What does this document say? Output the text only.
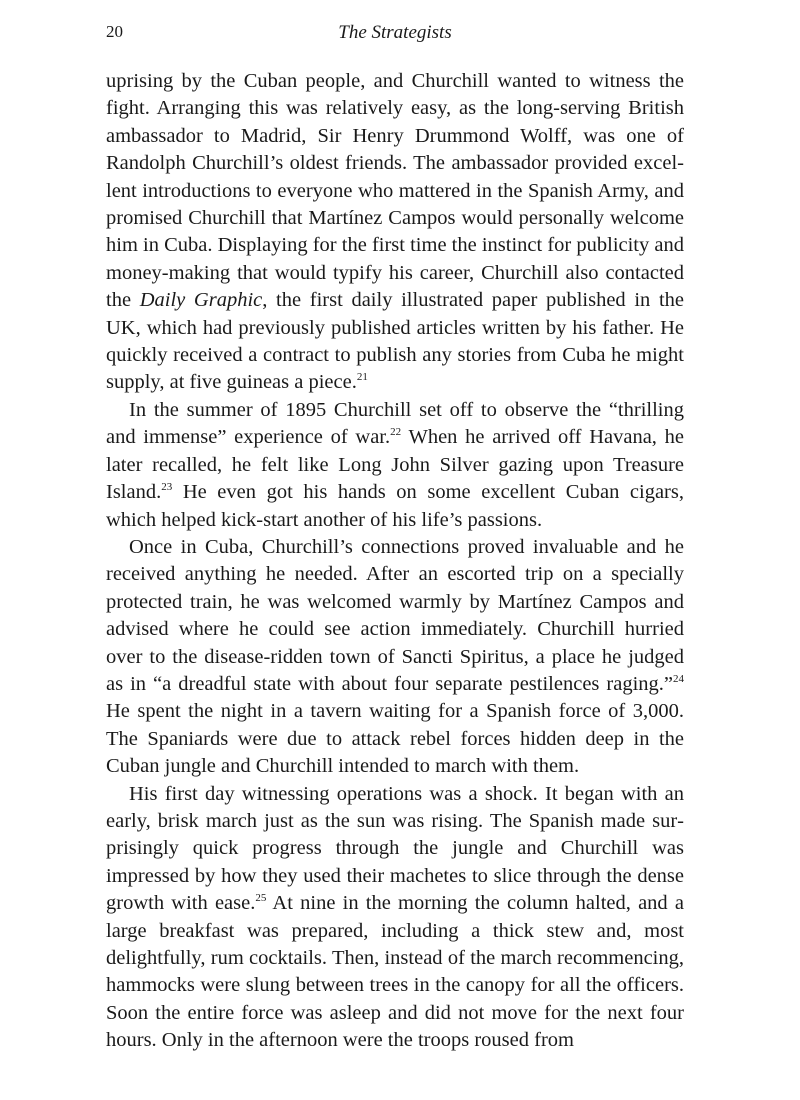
20	The Strategists

uprising by the Cuban people, and Churchill wanted to witness the fight. Arranging this was relatively easy, as the long-serving British ambassador to Madrid, Sir Henry Drummond Wolff, was one of Randolph Churchill’s oldest friends. The ambassador provided excellent introductions to everyone who mattered in the Spanish Army, and promised Churchill that Martínez Campos would personally welcome him in Cuba. Displaying for the first time the instinct for publicity and money-making that would typify his career, Churchill also contacted the Daily Graphic, the first daily illustrated paper published in the UK, which had previously published articles written by his father. He quickly received a contract to publish any stories from Cuba he might supply, at five guineas a piece.$^{21}$

In the summer of 1895 Churchill set off to observe the “thrilling and immense” experience of war.$^{22}$ When he arrived off Havana, he later recalled, he felt like Long John Silver gazing upon Treasure Island.$^{23}$ He even got his hands on some excellent Cuban cigars, which helped kick-start another of his life’s passions.

Once in Cuba, Churchill’s connections proved invaluable and he received anything he needed. After an escorted trip on a specially protected train, he was welcomed warmly by Martínez Campos and advised where he could see action immediately. Churchill hurried over to the disease-ridden town of Sancti Spiritus, a place he judged as in “a dreadful state with about four separate pestilences raging.”$^{24}$ He spent the night in a tavern waiting for a Spanish force of 3,000. The Spaniards were due to attack rebel forces hidden deep in the Cuban jungle and Churchill intended to march with them.

His first day witnessing operations was a shock. It began with an early, brisk march just as the sun was rising. The Spanish made surprisingly quick progress through the jungle and Churchill was impressed by how they used their machetes to slice through the dense growth with ease.$^{25}$ At nine in the morning the column halted, and a large breakfast was prepared, including a thick stew and, most delightfully, rum cocktails. Then, instead of the march recommencing, hammocks were slung between trees in the canopy for all the officers. Soon the entire force was asleep and did not move for the next four hours. Only in the afternoon were the troops roused from
